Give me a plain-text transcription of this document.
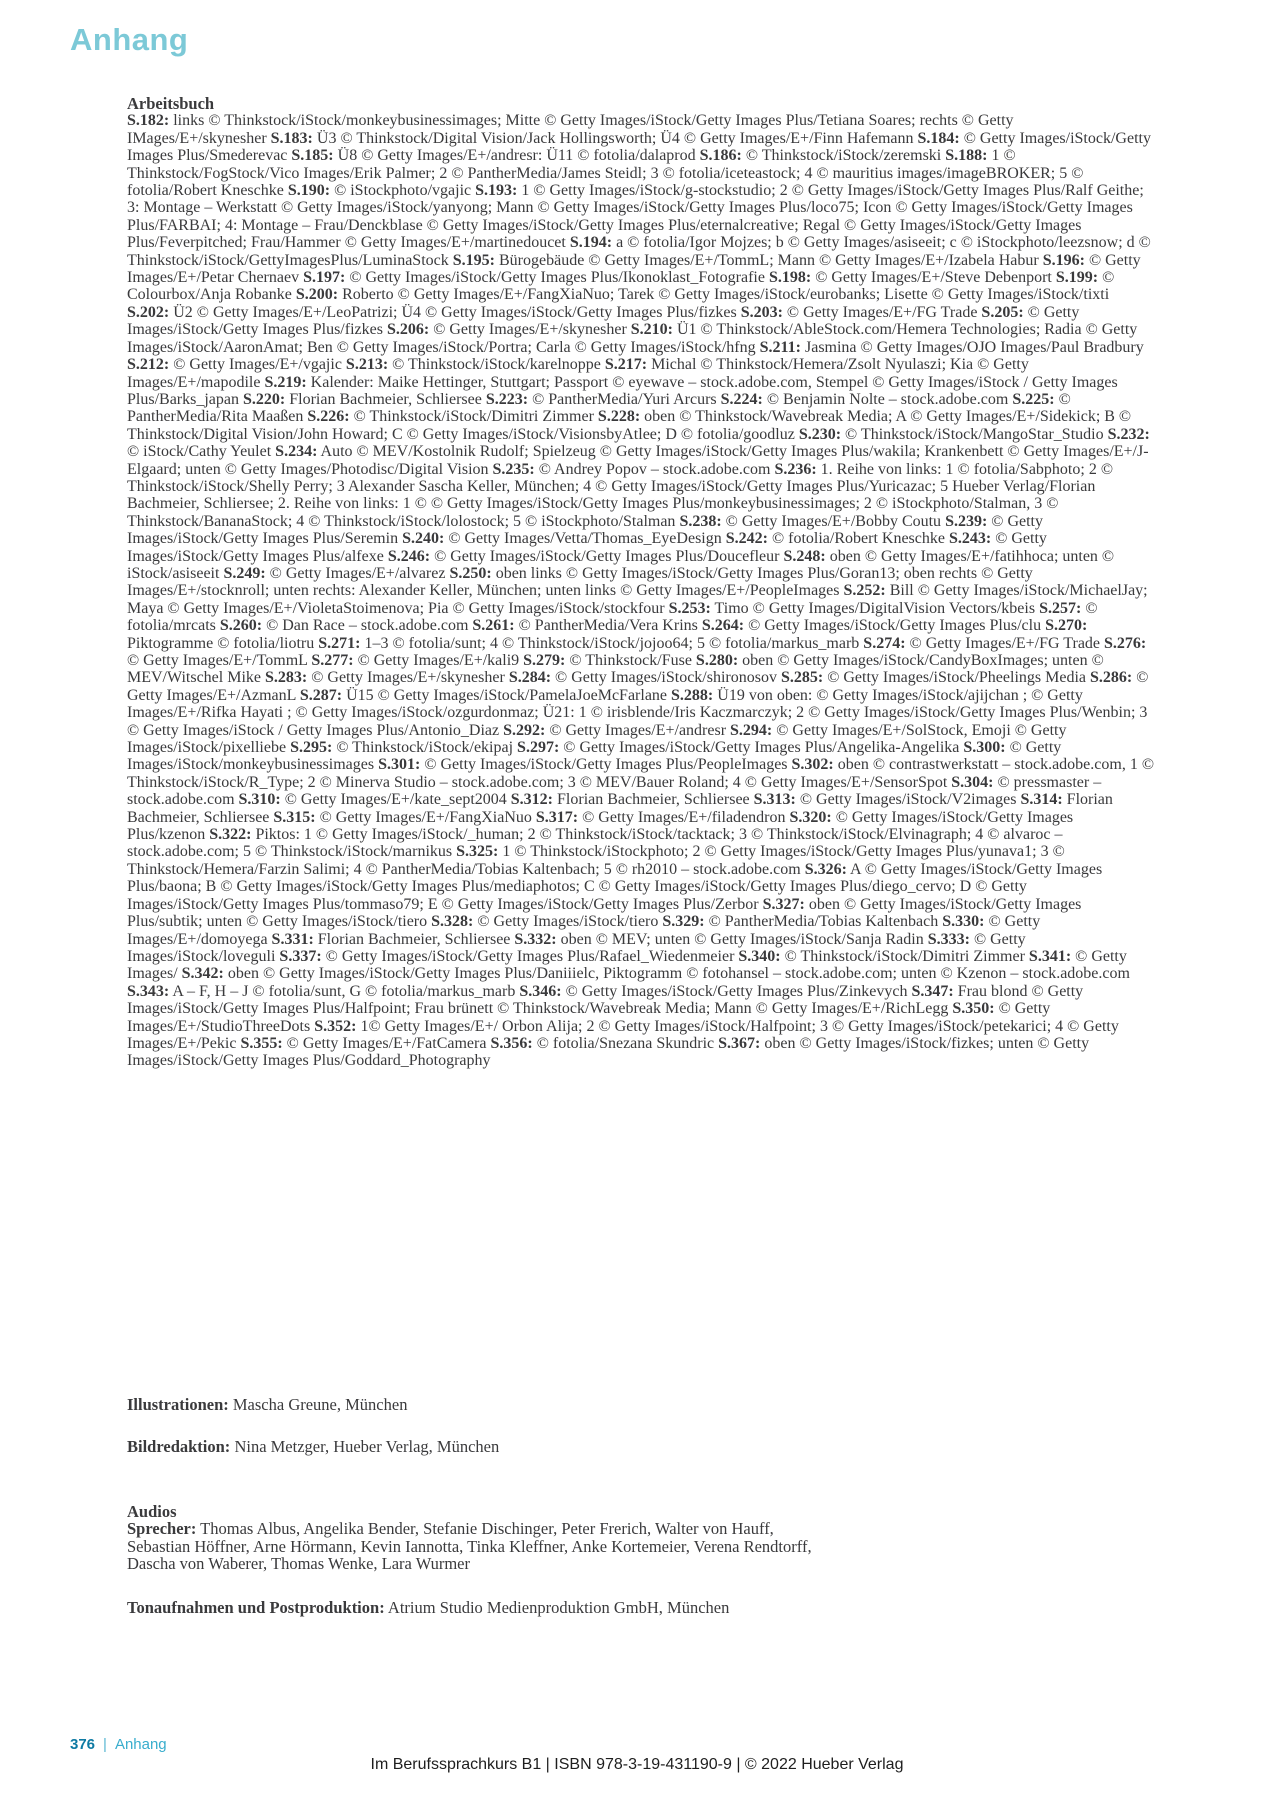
Anhang

Arbeitsbuch

S.182: links © Thinkstock/iStock/monkeybusinessimages; Mitte © Getty Images/iStock/Getty Images Plus/Tetiana Soares; rechts © Getty IMages/E+/skynesher S.183: Ü3 © Thinkstock/Digital Vision/Jack Hollingsworth; Ü4 © Getty Images/E+/Finn Hafemann S.184: © Getty Images/iStock/Getty Images Plus/Smederevac S.185: Ü8 © Getty Images/E+/andresr: Ü11 © fotolia/dalaprod S.186: © Thinkstock/iStock/zeremski S.188: 1 © Thinkstock/FogStock/Vico Images/Erik Palmer; 2 © PantherMedia/James Steidl; 3 © fotolia/iceteastock; 4 © mauritius images/imageBROKER; 5 © fotolia/Robert Kneschke S.190: © iStockphoto/vgajic S.193: 1 © Getty Images/iStock/g-stockstudio; 2 © Getty Images/iStock/Getty Images Plus/Ralf Geithe; 3: Montage – Werkstatt © Getty Images/iStock/yanyong; Mann © Getty Images/iStock/Getty Images Plus/loco75; Icon © Getty Images/iStock/Getty Images Plus/FARBAI; 4: Montage – Frau/Denckblase © Getty Images/iStock/Getty Images Plus/eternalcreative; Regal © Getty Images/iStock/Getty Images Plus/Feverpitched; Frau/Hammer © Getty Images/E+/martinedoucet S.194: a © fotolia/Igor Mojzes; b © Getty Images/asiseeit; c © iStockphoto/leezsnow; d © Thinkstock/iStock/GettyImagesPlus/LuminaStock S.195: Bürogebäude © Getty Images/E+/TommL; Mann © Getty Images/E+/Izabela Habur S.196: © Getty Images/E+/Petar Chernaev S.197: © Getty Images/iStock/Getty Images Plus/Ikonoklast_Fotografie S.198: © Getty Images/E+/Steve Debenport S.199: © Colourbox/Anja Robanke S.200: Roberto © Getty Images/E+/FangXiaNuo; Tarek © Getty Images/iStock/eurobanks; Lisette © Getty Images/iStock/tixti S.202: Ü2 © Getty Images/E+/LeoPatrizi; Ü4 © Getty Images/iStock/Getty Images Plus/fizkes S.203: © Getty Images/E+/FG Trade S.205: © Getty Images/iStock/Getty Images Plus/fizkes S.206: © Getty Images/E+/skynesher S.210: Ü1 © Thinkstock/AbleStock.com/Hemera Technologies; Radia © Getty Images/iStock/AaronAmat; Ben © Getty Images/iStock/Portra; Carla © Getty Images/iStock/hfng S.211: Jasmina © Getty Images/OJO Images/Paul Bradbury S.212: © Getty Images/E+/vgajic S.213: © Thinkstock/iStock/karelnoppe S.217: Michal © Thinkstock/Hemera/Zsolt Nyulaszi; Kia © Getty Images/E+/mapodile S.219: Kalender: Maike Hettinger, Stuttgart; Passport © eyewave – stock.adobe.com, Stempel © Getty Images/iStock / Getty Images Plus/Barks_japan S.220: Florian Bachmeier, Schliersee S.223: © PantherMedia/Yuri Arcurs S.224: © Benjamin Nolte – stock.adobe.com S.225: © PantherMedia/Rita Maaßen S.226: © Thinkstock/iStock/Dimitri Zimmer S.228: oben © Thinkstock/Wavebreak Media; A © Getty Images/E+/Sidekick; B © Thinkstock/Digital Vision/John Howard; C © Getty Images/iStock/VisionsbyAtlee; D © fotolia/goodluz S.230: © Thinkstock/iStock/MangoStar_Studio S.232: © iStock/Cathy Yeulet S.234: Auto © MEV/Kostolnik Rudolf; Spielzeug © Getty Images/iStock/Getty Images Plus/wakila; Krankenbett © Getty Images/E+/J-Elgaard; unten © Getty Images/Photodisc/Digital Vision S.235: © Andrey Popov – stock.adobe.com S.236: 1. Reihe von links: 1 © fotolia/Sabphoto; 2 © Thinkstock/iStock/Shelly Perry; 3 Alexander Sascha Keller, München; 4 © Getty Images/iStock/Getty Images Plus/Yuricazac; 5 Hueber Verlag/Florian Bachmeier, Schliersee; 2. Reihe von links: 1 © © Getty Images/iStock/Getty Images Plus/monkeybusinessimages; 2 © iStockphoto/Stalman, 3 © Thinkstock/BananaStock; 4 © Thinkstock/iStock/lolostock; 5 © iStockphoto/Stalman S.238: © Getty Images/E+/Bobby Coutu S.239: © Getty Images/iStock/Getty Images Plus/Seremin S.240: © Getty Images/Vetta/Thomas_EyeDesign S.242: © fotolia/Robert Kneschke S.243: © Getty Images/iStock/Getty Images Plus/alfexe S.246: © Getty Images/iStock/Getty Images Plus/Doucefleur S.248: oben © Getty Images/E+/fatihhoca; unten © iStock/asiseeit S.249: © Getty Images/E+/alvarez S.250: oben links © Getty Images/iStock/Getty Images Plus/Goran13; oben rechts © Getty Images/E+/stocknroll; unten rechts: Alexander Keller, München; unten links © Getty Images/E+/PeopleImages S.252: Bill © Getty Images/iStock/MichaelJay; Maya © Getty Images/E+/VioletaStoimenova; Pia © Getty Images/iStock/stockfour S.253: Timo © Getty Images/DigitalVision Vectors/kbeis S.257: © fotolia/mrcats S.260: © Dan Race – stock.adobe.com S.261: © PantherMedia/Vera Krins S.264: © Getty Images/iStock/Getty Images Plus/clu S.270: Piktogramme © fotolia/liotru S.271: 1–3 © fotolia/sunt; 4 © Thinkstock/iStock/jojoo64; 5 © fotolia/markus_marb S.274: © Getty Images/E+/FG Trade S.276: © Getty Images/E+/TommL S.277: © Getty Images/E+/kali9 S.279: © Thinkstock/Fuse S.280: oben © Getty Images/iStock/CandyBoxImages; unten © MEV/Witschel Mike S.283: © Getty Images/E+/skynesher S.284: © Getty Images/iStock/shironosov S.285: © Getty Images/iStock/Pheelings Media S.286: © Getty Images/E+/AzmanL S.287: Ü15 © Getty Images/iStock/PamelaJoeMcFarlane S.288: Ü19 von oben: © Getty Images/iStock/ajijchan ; © Getty Images/E+/Rifka Hayati ; © Getty Images/iStock/ozgurdonmaz; Ü21: 1 © irisblende/Iris Kaczmarczyk; 2 © Getty Images/iStock/Getty Images Plus/Wenbin; 3 © Getty Images/iStock / Getty Images Plus/Antonio_Diaz S.292: © Getty Images/E+/andresr S.294: © Getty Images/E+/SolStock, Emoji © Getty Images/iStock/pixelliebe S.295: © Thinkstock/iStock/ekipaj S.297: © Getty Images/iStock/Getty Images Plus/Angelika-Angelika S.300: © Getty Images/iStock/monkeybusinessimages S.301: © Getty Images/iStock/Getty Images Plus/PeopleImages S.302: oben © contrastwerkstatt – stock.adobe.com, 1 © Thinkstock/iStock/R_Type; 2 © Minerva Studio – stock.adobe.com; 3 © MEV/Bauer Roland; 4 © Getty Images/E+/SensorSpot S.304: © pressmaster – stock.adobe.com S.310: © Getty Images/E+/kate_sept2004 S.312: Florian Bachmeier, Schliersee S.313: © Getty Images/iStock/V2images S.314: Florian Bachmeier, Schliersee S.315: © Getty Images/E+/FangXiaNuo S.317: © Getty Images/E+/filadendron S.320: © Getty Images/iStock/Getty Images Plus/kzenon S.322: Piktos: 1 © Getty Images/iStock/_human; 2 © Thinkstock/iStock/tacktack; 3 © Thinkstock/iStock/Elvinagraph; 4 © alvaroc – stock.adobe.com; 5 © Thinkstock/iStock/marnikus S.325: 1 © Thinkstock/iStockphoto; 2 © Getty Images/iStock/Getty Images Plus/yunava1; 3 © Thinkstock/Hemera/Farzin Salimi; 4 © PantherMedia/Tobias Kaltenbach; 5 © rh2010 – stock.adobe.com S.326: A © Getty Images/iStock/Getty Images Plus/baona; B © Getty Images/iStock/Getty Images Plus/mediaphotos; C © Getty Images/iStock/Getty Images Plus/diego_cervo; D © Getty Images/iStock/Getty Images Plus/tommaso79; E © Getty Images/iStock/Getty Images Plus/Zerbor S.327: oben © Getty Images/iStock/Getty Images Plus/subtik; unten © Getty Images/iStock/tiero S.328: © Getty Images/iStock/tiero S.329: © PantherMedia/Tobias Kaltenbach S.330: © Getty Images/E+/domoyega S.331: Florian Bachmeier, Schliersee S.332: oben © MEV; unten © Getty Images/iStock/Sanja Radin S.333: © Getty Images/iStock/loveguli S.337: © Getty Images/iStock/Getty Images Plus/Rafael_Wiedenmeier S.340: © Thinkstock/iStock/Dimitri Zimmer S.341: © Getty Images/ S.342: oben © Getty Images/iStock/Getty Images Plus/Daniiielc, Piktogramm © fotohansel – stock.adobe.com; unten © Kzenon – stock.adobe.com S.343: A – F, H – J © fotolia/sunt, G © fotolia/markus_marb S.346: © Getty Images/iStock/Getty Images Plus/Zinkevych S.347: Frau blond © Getty Images/iStock/Getty Images Plus/Halfpoint; Frau brünett © Thinkstock/Wavebreak Media; Mann © Getty Images/E+/RichLegg S.350: © Getty Images/E+/StudioThreeDots S.352: 1© Getty Images/E+/ Orbon Alija; 2 © Getty Images/iStock/Halfpoint; 3 © Getty Images/iStock/petekarici; 4 © Getty Images/E+/Pekic S.355: © Getty Images/E+/FatCamera S.356: © fotolia/Snezana Skundric S.367: oben © Getty Images/iStock/fizkes; unten © Getty Images/iStock/Getty Images Plus/Goddard_Photography

Illustrationen: Mascha Greune, München

Bildredaktion: Nina Metzger, Hueber Verlag, München

Audios

Sprecher: Thomas Albus, Angelika Bender, Stefanie Dischinger, Peter Frerich, Walter von Hauff,

Sebastian Höffner, Arne Hörmann, Kevin Iannotta, Tinka Kleffner, Anke Kortemeier, Verena Rendtorff,

Dascha von Waberer, Thomas Wenke, Lara Wurmer

Tonaufnahmen und Postproduktion: Atrium Studio Medienproduktion GmbH, München

376 | Anhang
Im Berufssprachkurs B1 | ISBN 978-3-19-431190-9 | © 2022 Hueber Verlag
